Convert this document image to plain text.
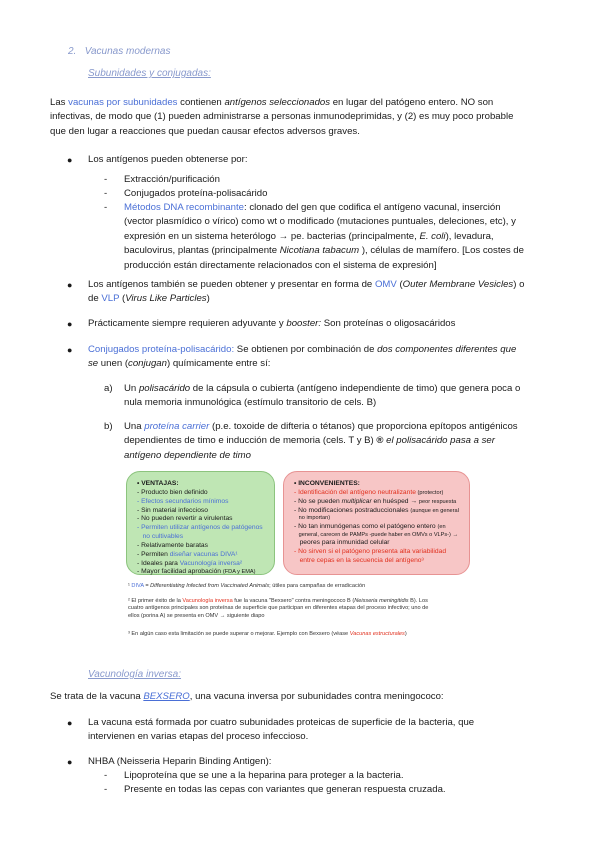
2. Vacunas modernas
Subunidades y conjugadas:
Las vacunas por subunidades contienen antígenos seleccionados en lugar del patógeno entero. NO son
infectivas, de modo que (1) pueden administrarse a personas inmunodeprimidas, y (2) es muy poco probable
que den lugar a reacciones que puedan causar efectos adversos graves.
● Los antígenos pueden obtenerse por:
- Extracción/purificación
- Conjugados proteína-polisacárido
- Métodos DNA recombinante: clonado del gen que codifica el antígeno vacunal, inserción
(vector plasmídico o vírico) como wt o modificado (mutaciones puntuales, deleciones, etc), y
expresión en un sistema heterólogo → pe. bacterias (principalmente, E. coli), levadura,
baculovirus, plantas (principalmente Nicotiana tabacum ), células de mamífero. [Los costes de
producción están directamente relacionados con el sistema de expresión]
● Los antígenos también se pueden obtener y presentar en forma de OMV (Outer Membrane Vesicles) o
de VLP (Virus Like Particles)
● Prácticamente siempre requieren adyuvante y booster: Son proteínas o oligosacáridos
● Conjugados proteína-polisacárido: Se obtienen por combinación de dos componentes diferentes que
se unen (conjugan) químicamente entre sí:
a) Un polisacárido de la cápsula o cubierta (antígeno independiente de timo) que genera poca o
nula memoria inmunológica (estímulo transitorio de cels. B)
b) Una proteína carrier (p.e. toxoide de difteria o tétanos) que proporciona epítopos antigénicos
dependientes de timo e inducción de memoria (cels. T y B) ® el polisacárido pasa a ser
antígeno dependiente de timo
• VENTAJAS:
- Producto bien definido
- Efectos secundarios mínimos
- Sin material infeccioso
- No pueden revertir a virulentas
- Permiten utilizar antígenos de patógenos
no cultivables
- Relativamente baratas
- Permiten diseñar vacunas DIVA¹
- Ideales para Vacunología inversa²
- Mayor facilidad aprobación (FDA y EMA)
• INCONVENIENTES:
- Identificación del antígeno neutralizante (protector)
- No se pueden multiplicar en huésped → peor respuesta
- No modificaciones postraduccionales (aunque en general
no importan)
- No tan inmunógenas como el patógeno entero (en
general, carecen de PAMPs -puede haber en OMVs o VLPs-) →
peores para inmunidad celular
- No sirven si el patógeno presenta alta variabilidad
entre cepas en la secuencia del antígeno³
¹ DIVA = Differentiating Infected from Vaccinated Animals; útiles para campañas de erradicación
² El primer éxito de la Vacunología inversa fue la vacuna "Bexsero" contra meningococo B (Neisseria meningitidis B). Los
cuatro antígenos principales son proteínas de superficie que participan en diferentes etapas del proceso infectivo; uno de
ellos (porina A) se presenta en OMV → siguiente diapo
³ En algún caso esta limitación se puede superar o mejorar. Ejemplo con Bexsero (véase Vacunas estructurales)
Vacunología inversa:
Se trata de la vacuna BEXSERO, una vacuna inversa por subunidades contra meningococo:
● La vacuna está formada por cuatro subunidades proteicas de superficie de la bacteria, que
intervienen en varias etapas del proceso infeccioso.
● NHBA (Neisseria Heparin Binding Antigen):
- Lipoproteína que se une a la heparina para proteger a la bacteria.
- Presente en todas las cepas con variantes que generan respuesta cruzada.
